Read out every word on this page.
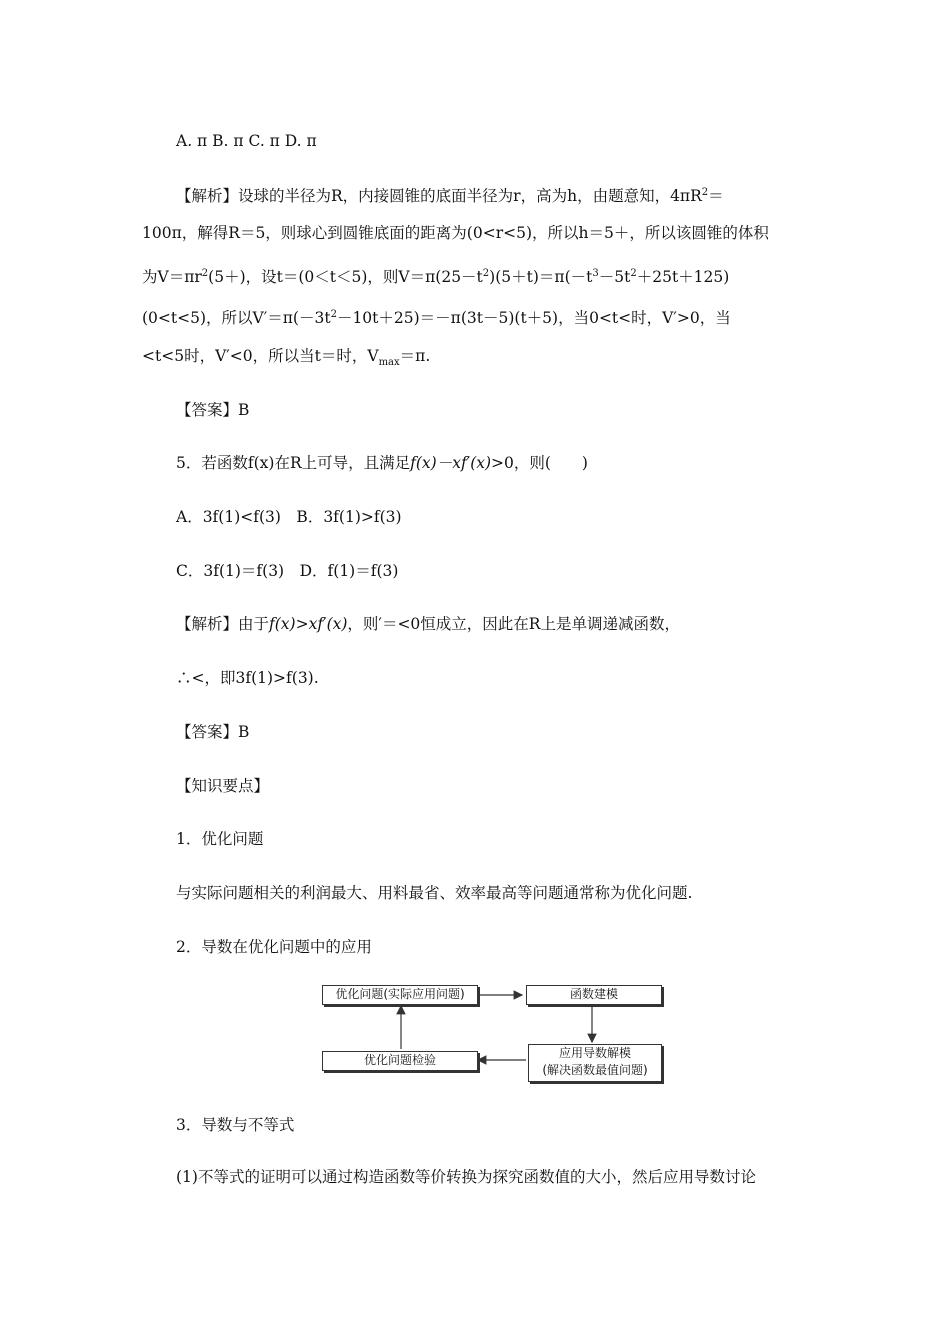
A. π B. π C. π D. π
【解析】设球的半径为R，内接圆锥的底面半径为r，高为h，由题意知，$4\pi R^2=$
100π，解得R＝5，则球心到圆锥底面的距离为(0<r<5)，所以h＝5＋，所以该圆锥的体积
为$V=\pi r^2(5+)$，设t＝(0＜t＜5)，则$V=\pi(25-t^2)(5+t)=\pi(-t^3-5t^2+25t+125)$
(0<t<5)，所以$V'=\pi(-3t^2-10t+25)=-\pi(3t-5)(t+5)$，当0<t<时，V′>0，当
<t<5时，V′<0，所以当t＝时，$V_{max}=\pi$.
【答案】B
5．若函数f(x)在R上可导，且满足f(x)－xf′(x)>0，则(　　)
A．3f(1)<f(3)　B．3f(1)>f(3)
C．3f(1)＝f(3)　D．f(1)＝f(3)
【解析】由于f(x)>xf′(x)，则′＝<0恒成立，因此在R上是单调递减函数，
∴<，即3f(1)>f(3).
【答案】B
【知识要点】
1．优化问题
与实际问题相关的利润最大、用料最省、效率最高等问题通常称为优化问题.
2．导数在优化问题中的应用
优化问题(实际应用问题)	函数建模
应用导数解模
(解决函数最值问题)
优化问题检验
3．导数与不等式
(1)不等式的证明可以通过构造函数等价转换为探究函数值的大小，然后应用导数讨论
